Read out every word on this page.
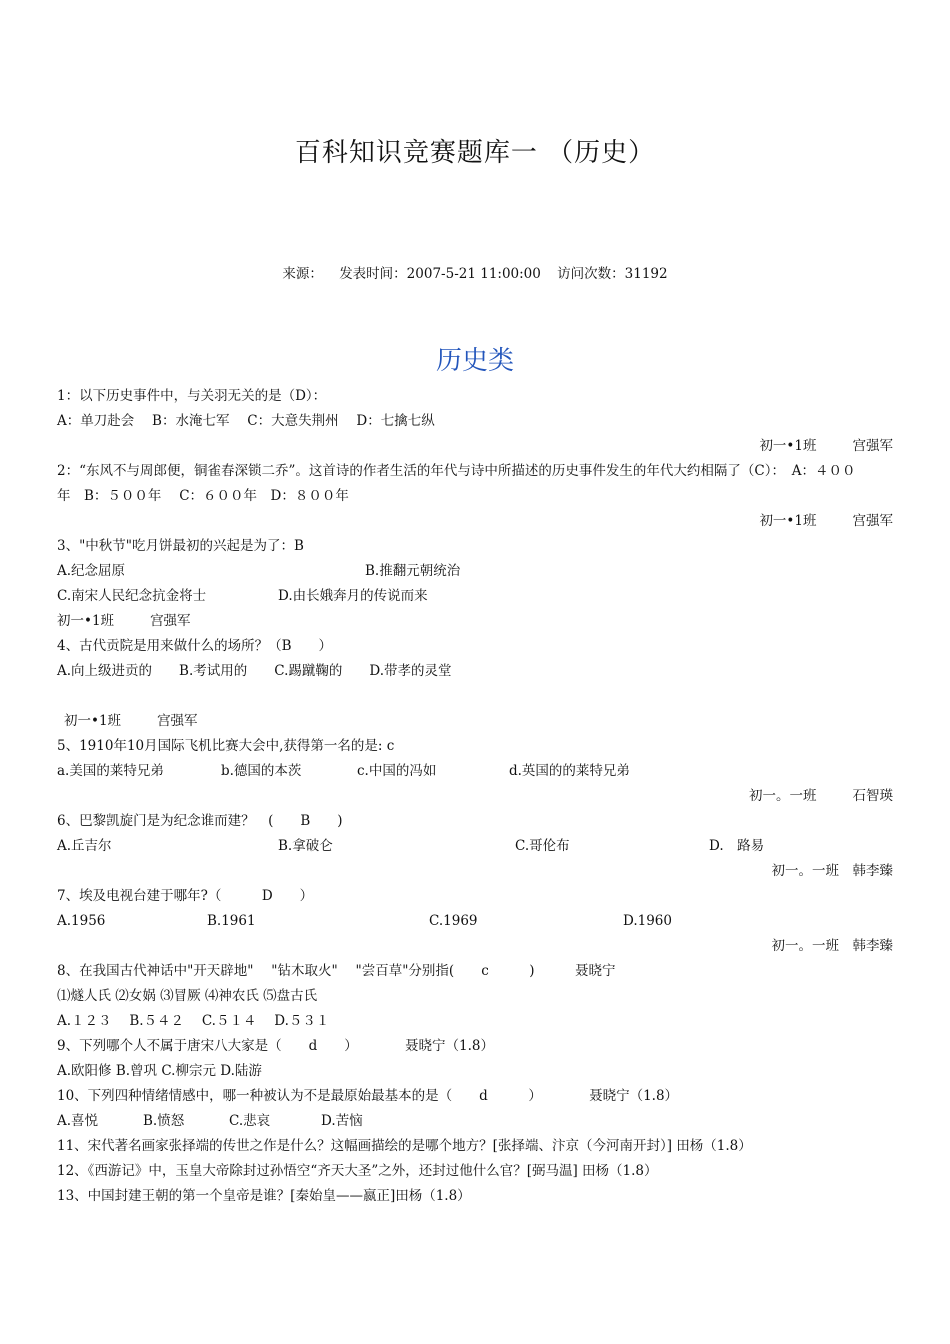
百科知识竞赛题库一 （历史）
来源： 发表时间：2007-5-21 11:00:00 访问次数：31192
历史类
1：以下历史事件中，与关羽无关的是（D）：
A：单刀赴会　 B：水淹七军　 C：大意失荆州　 D：七擒七纵
初一•1班	宫强军
2：“东风不与周郎便，铜雀春深锁二乔”。这首诗的作者生活的年代与诗中所描述的历史事件发生的年代大约相隔了（C）：　A：４００
年　B：５００年　 C：６００年　D：８００年
初一•1班	宫强军
3、"中秋节"吃月饼最初的兴起是为了：B
A.纪念屈原	B.推翻元朝统治
C.南宋人民纪念抗金将士	D.由长娥奔月的传说而来
初一•1班	宫强军
4、古代贡院是用来做什么的场所？（B　　）
A.向上级进贡的　　B.考试用的　　C.踢蹴鞠的　　D.带孝的灵堂
初一•1班	宫强军
5、1910年10月国际飞机比赛大会中,获得第一名的是: c
a.美国的莱特兄弟	b.德国的本茨	c.中国的冯如	d.英国的的莱特兄弟
初一。一班	石智瑛
6、巴黎凯旋门是为纪念谁而建？　(　　B　　)
A.丘吉尔	B.拿破仑	C.哥伦布	D.　路易
初一。一班　韩李臻
7、埃及电视台建于哪年?（　　　D　　）
A.1956	B.1961	C.1969	D.1960
初一。一班　韩李臻
8、在我国古代神话中"开天辟地"　 "钻木取火"　 "尝百草"分别指(　　c　　　)　　　聂晓宁
⑴燧人氏 ⑵女娲 ⑶冒厥 ⑷神农氏 ⑸盘古氏
A.１２３　 B.５４２　 C.５１４　 D.５３１
9、下列哪个人不属于唐宋八大家是（　　d　　）　　　　聂晓宁（1.8）
A.欧阳修 B.曾巩 C.柳宗元 D.陆游
10、下列四种情绪情感中，哪一种被认为不是最原始最基本的是（　　d　　　）　　　　聂晓宁（1.8）
A.喜悦	B.愤怒	C.悲哀	D.苦恼
11、宋代著名画家张择端的传世之作是什么？这幅画描绘的是哪个地方？[张择端、汴京（今河南开封）] 田杨（1.8）
12、《西游记》中，玉皇大帝除封过孙悟空“齐天大圣”之外，还封过他什么官？[弼马温] 田杨（1.8）
13、中国封建王朝的第一个皇帝是谁？[秦始皇——嬴正]田杨（1.8）
